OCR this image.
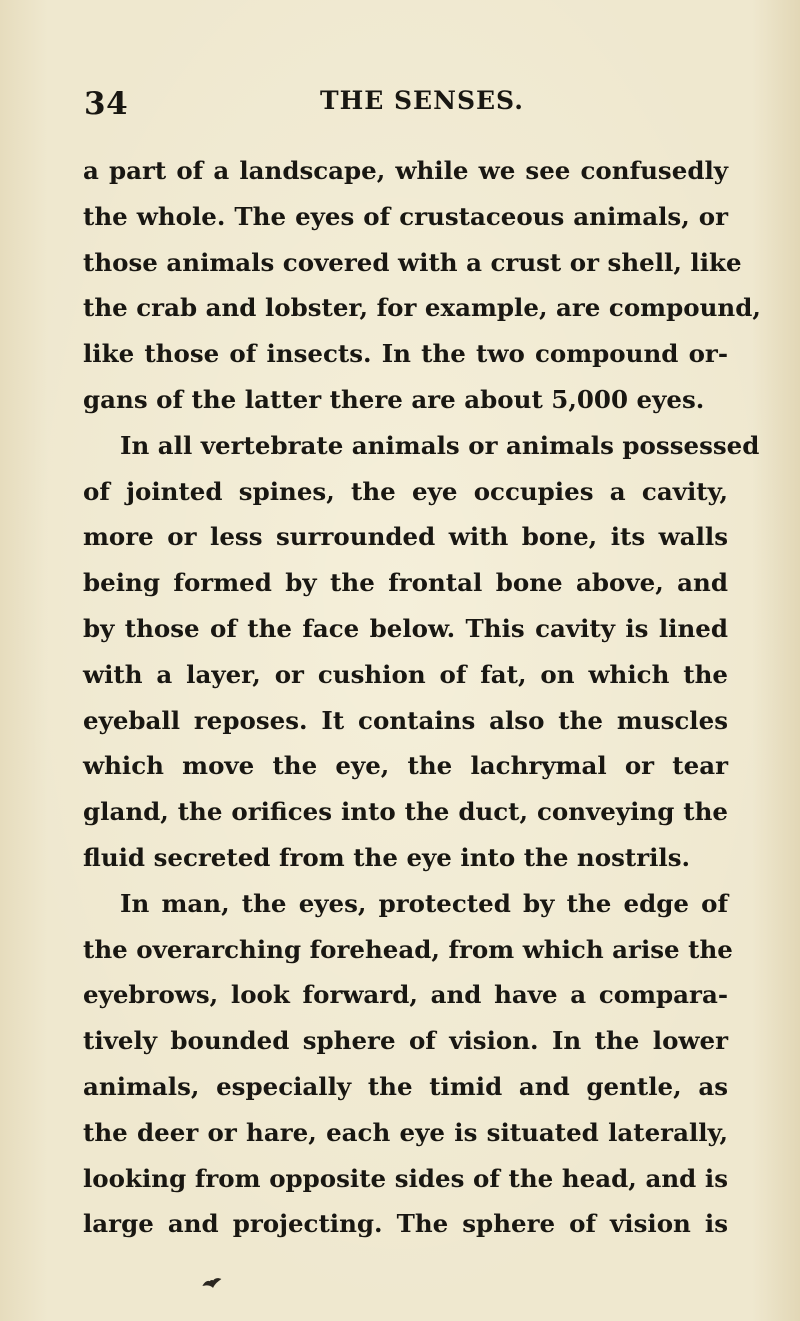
34	THE SENSES.
a part of a landscape, while we see confusedly
the whole. The eyes of crustaceous animals, or
those animals covered with a crust or shell, like
the crab and lobster, for example, are compound,
like those of insects. In the two compound or-
gans of the latter there are about 5,000 eyes.
In all vertebrate animals or animals possessed
of jointed spines, the eye occupies a cavity,
more or less surrounded with bone, its walls
being formed by the frontal bone above, and
by those of the face below. This cavity is lined
with a layer, or cushion of fat, on which the
eyeball reposes. It contains also the muscles
which move the eye, the lachrymal or tear
gland, the orifices into the duct, conveying the
fluid secreted from the eye into the nostrils.
In man, the eyes, protected by the edge of
the overarching forehead, from which arise the
eyebrows, look forward, and have a compara-
tively bounded sphere of vision. In the lower
animals, especially the timid and gentle, as
the deer or hare, each eye is situated laterally,
looking from opposite sides of the head, and is
large and projecting. The sphere of vision is
